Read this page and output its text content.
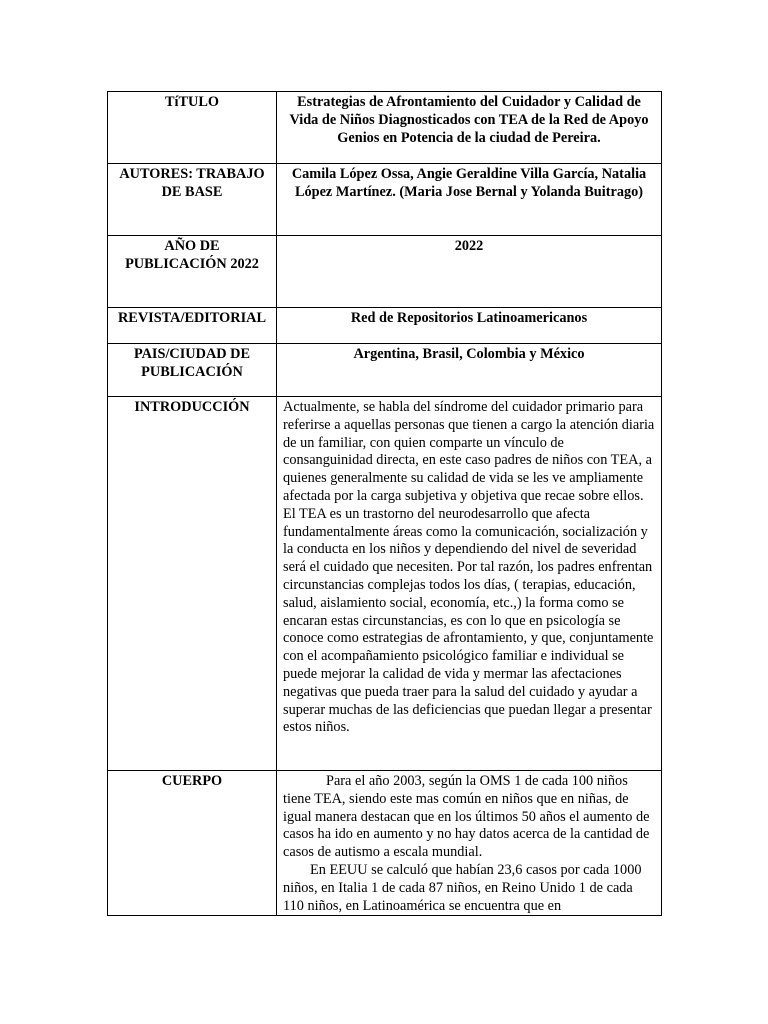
TíTULO	Estrategias de Afrontamiento del Cuidador y Calidad de Vida de Niños Diagnosticados con TEA de la Red de Apoyo Genios en Potencia de la ciudad de Pereira.
AUTORES: TRABAJO DE BASE	Camila López Ossa, Angie Geraldine Villa García, Natalia López Martínez. (Maria Jose Bernal y Yolanda Buitrago)
AÑO DE PUBLICACIÓN 2022	2022
REVISTA/EDITORIAL	Red de Repositorios Latinoamericanos
PAIS/CIUDAD DE PUBLICACIÓN	Argentina, Brasil, Colombia y México
INTRODUCCIÓN	Actualmente, se habla del síndrome del cuidador primario para referirse a aquellas personas que tienen a cargo la atención diaria de un familiar, con quien comparte un vínculo de consanguinidad directa, en este caso padres de niños con TEA, a quienes generalmente su calidad de vida se les ve ampliamente afectada por la carga subjetiva y objetiva que recae sobre ellos. El TEA es un trastorno del neurodesarrollo que afecta fundamentalmente áreas como la comunicación, socialización y la conducta en los niños y dependiendo del nivel de severidad será el cuidado que necesiten. Por tal razón, los padres enfrentan circunstancias complejas todos los días, ( terapias, educación, salud, aislamiento social, economía, etc.,) la forma como se encaran estas circunstancias, es con lo que en psicología se conoce como estrategias de afrontamiento, y que, conjuntamente con el acompañamiento psicológico familiar e individual se puede mejorar la calidad de vida y mermar las afectaciones negativas que pueda traer para la salud del cuidado y ayudar a superar muchas de las deficiencias que puedan llegar a presentar estos niños.
CUERPO	Para el año 2003, según la OMS 1 de cada 100 niños tiene TEA, siendo este mas común en niños que en niñas, de igual manera destacan que en los últimos 50 años el aumento de casos ha ido en aumento y no hay datos acerca de la cantidad de casos de autismo a escala mundial.

En EEUU se calculó que habían 23,6 casos por cada 1000 niños, en Italia 1 de cada 87 niños, en Reino Unido 1 de cada 110 niños, en Latinoamérica se encuentra que en
